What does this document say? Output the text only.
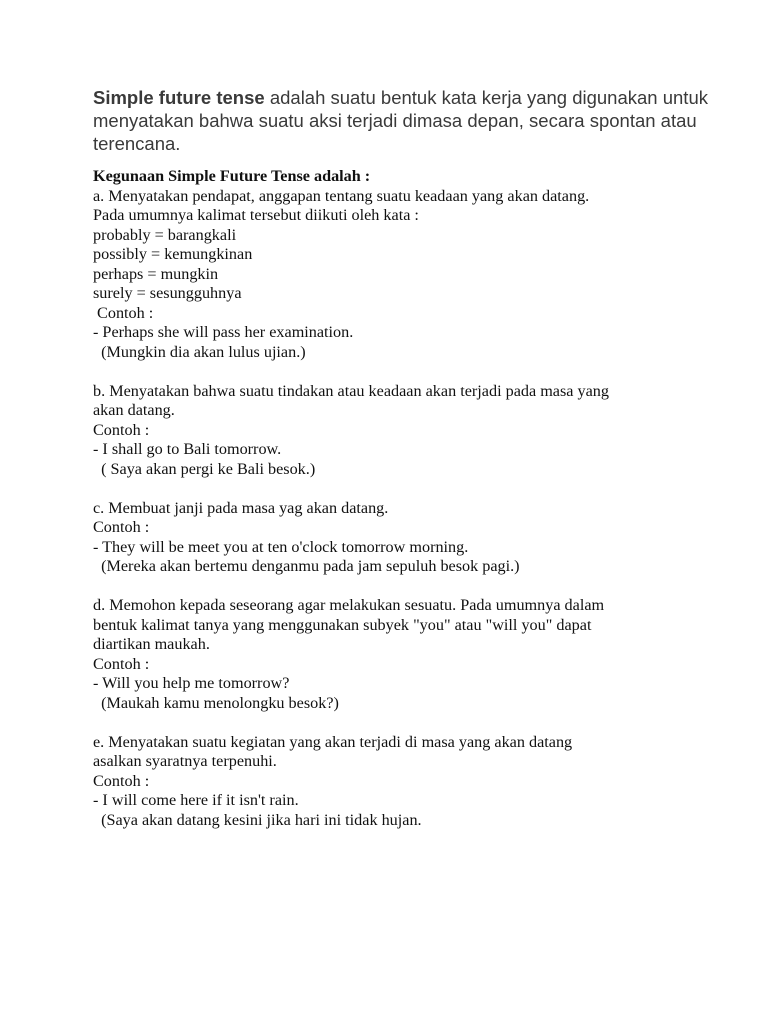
Simple future tense adalah suatu bentuk kata kerja yang digunakan untuk menyatakan bahwa suatu aksi terjadi dimasa depan, secara spontan atau terencana.

Kegunaan Simple Future Tense adalah :
a. Menyatakan pendapat, anggapan tentang suatu keadaan yang akan datang.
Pada umumnya kalimat tersebut diikuti oleh kata :
probably = barangkali
possibly = kemungkinan
perhaps = mungkin
surely = sesungguhnya
Contoh :
- Perhaps she will pass her examination.
(Mungkin dia akan lulus ujian.)
b. Menyatakan bahwa suatu tindakan atau keadaan akan terjadi pada masa yang
akan datang.
Contoh :
- I shall go to Bali tomorrow.
( Saya akan pergi ke Bali besok.)
c. Membuat janji pada masa yag akan datang.
Contoh :
- They will be meet you at ten o'clock tomorrow morning.
(Mereka akan bertemu denganmu pada jam sepuluh besok pagi.)
d. Memohon kepada seseorang agar melakukan sesuatu. Pada umumnya dalam
bentuk kalimat tanya yang menggunakan subyek "you" atau "will you" dapat
diartikan maukah.
Contoh :
- Will you help me tomorrow?
(Maukah kamu menolongku besok?)
e. Menyatakan suatu kegiatan yang akan terjadi di masa yang akan datang
asalkan syaratnya terpenuhi.
Contoh :
- I will come here if it isn't rain.
(Saya akan datang kesini jika hari ini tidak hujan.
